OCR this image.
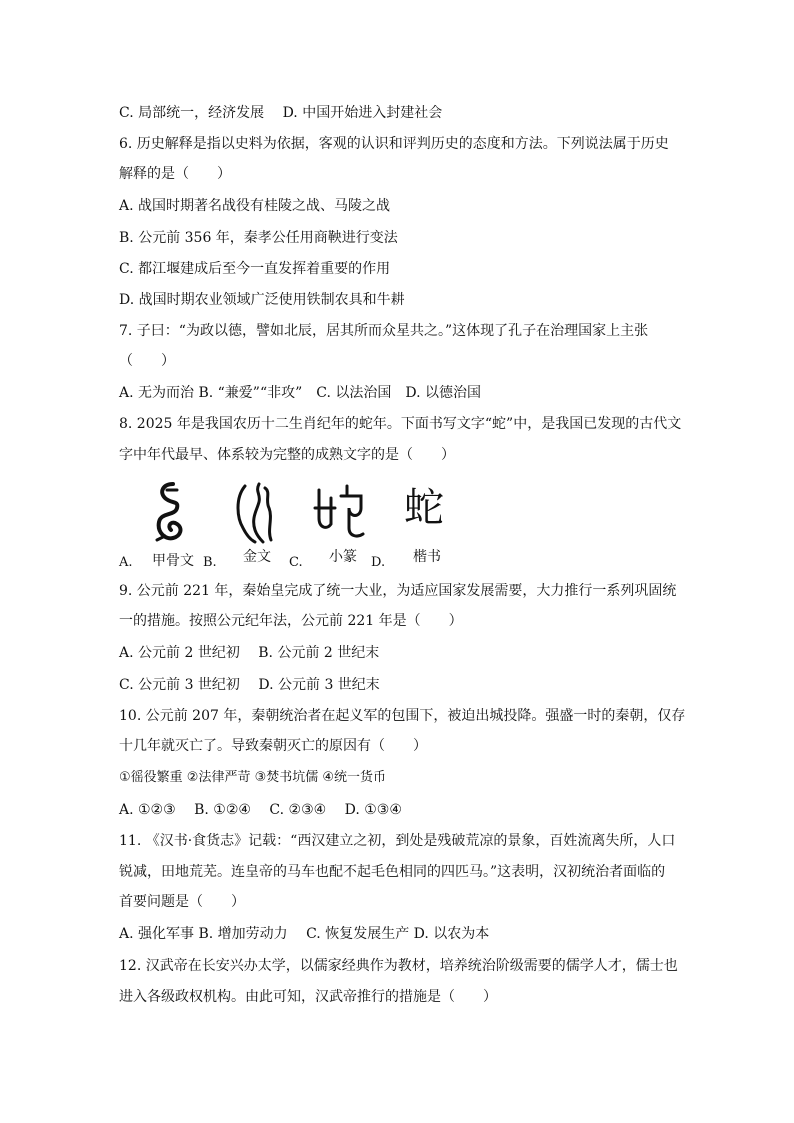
C. 局部统一，经济发展　 D. 中国开始进入封建社会
6. 历史解释是指以史料为依据，客观的认识和评判历史的态度和方法。下列说法属于历史
解释的是（　　）
A. 战国时期著名战役有桂陵之战、马陵之战
B. 公元前 356 年，秦孝公任用商鞅进行变法
C. 都江堰建成后至今一直发挥着重要的作用
D. 战国时期农业领域广泛使用铁制农具和牛耕
7. 子曰：“为政以德，譬如北辰，居其所而众星共之。”这体现了孔子在治理国家上主张
（　　）
A. 无为而治 B. “兼爱”“非攻”　C. 以法治国　D. 以德治国
8. 2025 年是我国农历十二生肖纪年的蛇年。下面书写文字“蛇”中，是我国已发现的古代文
字中年代最早、体系较为完整的成熟文字的是（　　）
蛇
甲骨文	金文	小篆	楷书
A.	B.	C.	D.
9. 公元前 221 年，秦始皇完成了统一大业，为适应国家发展需要，大力推行一系列巩固统
一的措施。按照公元纪年法，公元前 221 年是（　　）
A. 公元前 2 世纪初　 B. 公元前 2 世纪末
C. 公元前 3 世纪初　 D. 公元前 3 世纪末
10. 公元前 207 年，秦朝统治者在起义军的包围下，被迫出城投降。强盛一时的秦朝，仅存
十几年就灭亡了。导致秦朝灭亡的原因有（　　）
①徭役繁重 ②法律严苛 ③焚书坑儒 ④统一货币
A. ①②③　 B. ①②④　 C. ②③④　 D. ①③④
11. 《汉书·食货志》记载：“西汉建立之初，到处是残破荒凉的景象，百姓流离失所，人口
锐减，田地荒芜。连皇帝的马车也配不起毛色相同的四匹马。”这表明，汉初统治者面临的
首要问题是（　　）
A. 强化军事 B. 增加劳动力　 C. 恢复发展生产 D. 以农为本
12. 汉武帝在长安兴办太学，以儒家经典作为教材，培养统治阶级需要的儒学人才，儒士也
进入各级政权机构。由此可知，汉武帝推行的措施是（　　）
